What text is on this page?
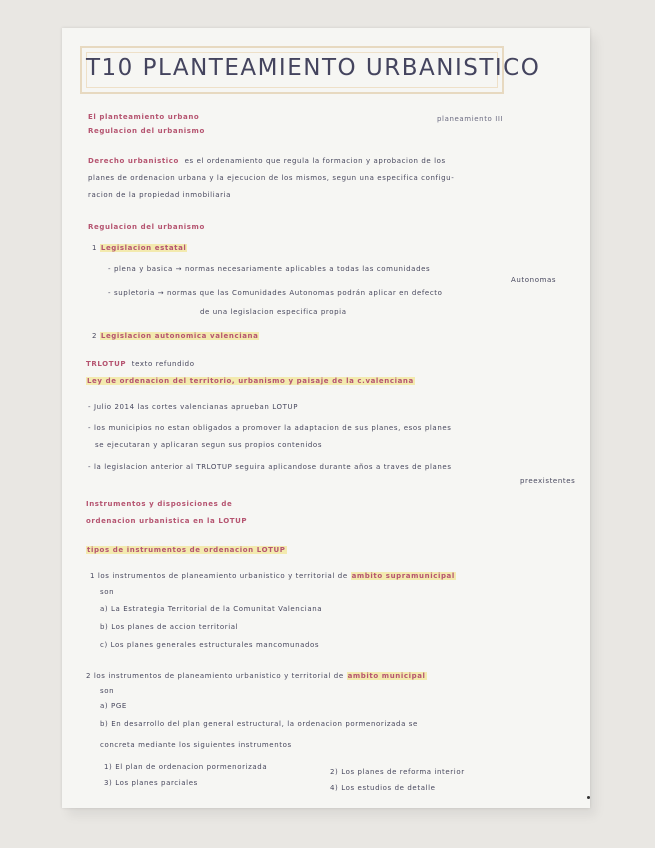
T10 PLANTEAMIENTO URBANISTICO
El planteamiento urbano
Regulacion del urbanismo
planeamiento III
Derecho urbanistico es el ordenamiento que regula la formacion y aprobacion de los
planes de ordenacion urbana y la ejecucion de los mismos, segun una especifica configu-
racion de la propiedad inmobiliaria
Regulacion del urbanismo
1 Legislacion estatal
- plena y basica → normas necesariamente aplicables a todas las comunidades
Autonomas
- supletoria → normas que las Comunidades Autonomas podrán aplicar en defecto
de una legislacion especifica propia
2 Legislacion autonomica valenciana
TRLOTUP texto refundido
Ley de ordenacion del territorio, urbanismo y paisaje de la c.valenciana
- Julio 2014 las cortes valencianas aprueban LOTUP
- los municipios no estan obligados a promover la adaptacion de sus planes, esos planes
se ejecutaran y aplicaran segun sus propios contenidos
- la legislacion anterior al TRLOTUP seguira aplicandose durante años a traves de planes
preexistentes
Instrumentos y disposiciones de
ordenacion urbanistica en la LOTUP
tipos de instrumentos de ordenacion LOTUP
1 los instrumentos de planeamiento urbanistico y territorial de ambito supramunicipal
son
a) La Estrategia Territorial de la Comunitat Valenciana
b) Los planes de accion territorial
c) Los planes generales estructurales mancomunados
2 los instrumentos de planeamiento urbanistico y territorial de ambito municipal
son
a) PGE
b) En desarrollo del plan general estructural, la ordenacion pormenorizada se
concreta mediante los siguientes instrumentos
1) El plan de ordenacion pormenorizada
2) Los planes de reforma interior
3) Los planes parciales
4) Los estudios de detalle
